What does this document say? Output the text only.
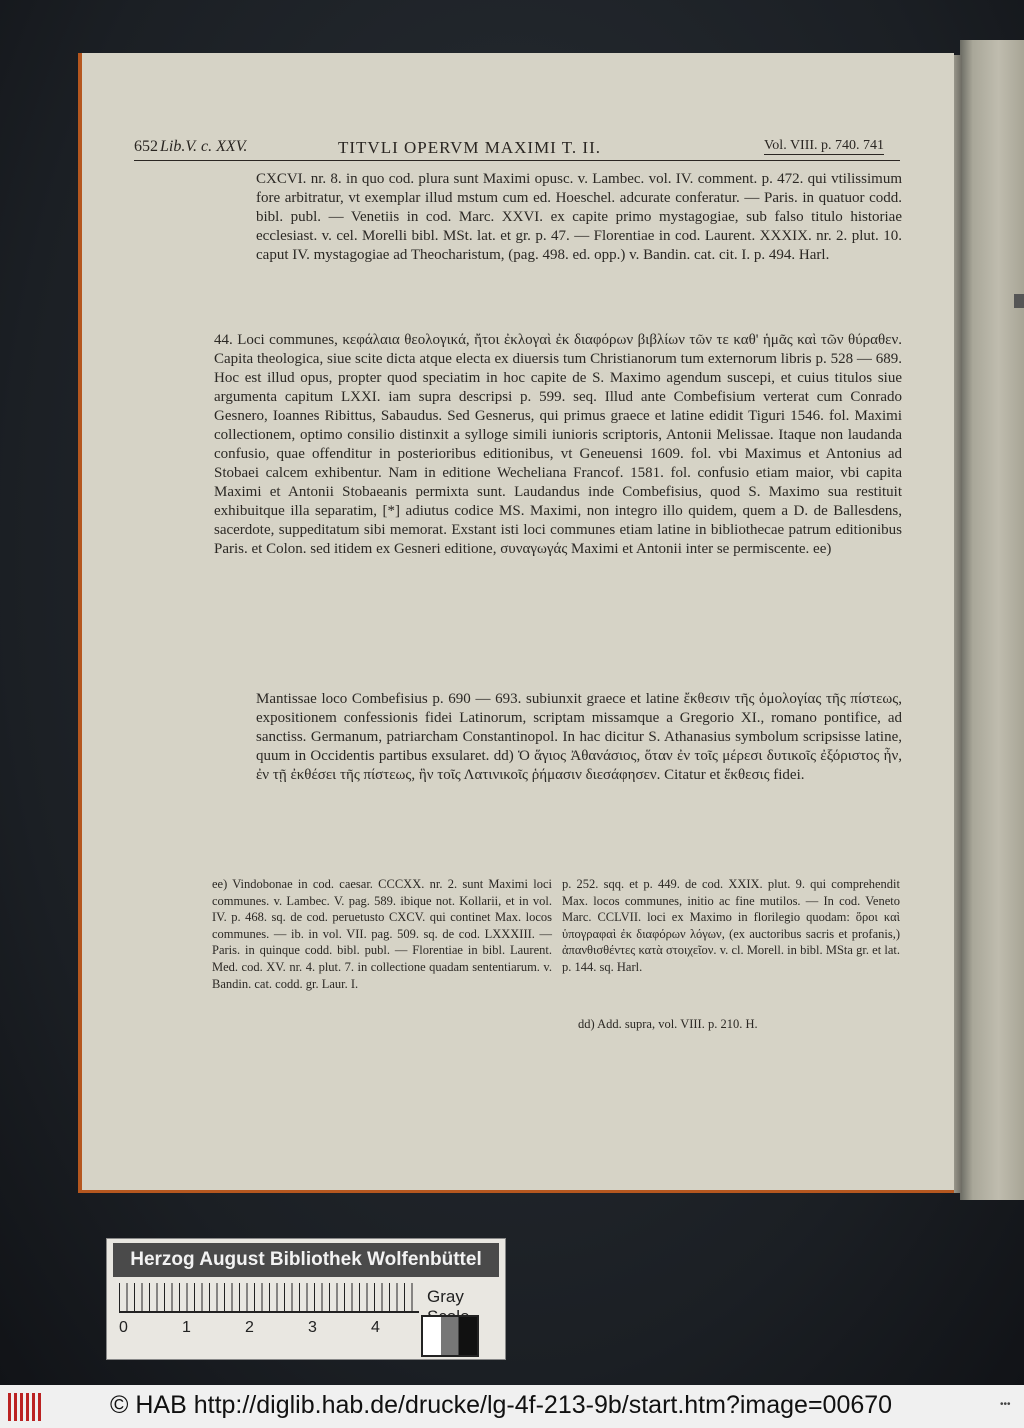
652 Lib.V. c. XXV.	TITVLI OPERVM MAXIMI T. II.	Vol. VIII. p. 740. 741

CXCVI. nr. 8. in quo cod. plura sunt Maximi opusc. v. Lambec. vol. IV. comment. p. 472. qui vtilissimum fore arbitratur, vt exemplar illud mstum cum ed. Hoeschel. adcurate conferatur. — Paris. in quatuor codd. bibl. publ. — Venetiis in cod. Marc. XXVI. ex capite primo mystagogiae, sub falso titulo historiae ecclesiast. v. cel. Morelli bibl. MSt. lat. et gr. p. 47. — Florentiae in cod. Laurent. XXXIX. nr. 2. plut. 10. caput IV. mystagogiae ad Theocharistum, (pag. 498. ed. opp.) v. Bandin. cat. cit. I. p. 494. Harl.

44. Loci communes, κεφάλαια θεολογικά, ἤτοι ἐκλογαὶ ἐκ διαφόρων βιβλίων τῶν τε καθ' ἡμᾶς καὶ τῶν θύραθεν. Capita theologica, siue scite dicta atque electa ex diuersis tum Christianorum tum externorum libris p. 528 — 689. Hoc est illud opus, propter quod speciatim in hoc capite de S. Maximo agendum suscepi, et cuius titulos siue argumenta capitum LXXI. iam supra descripsi p. 599. seq. Illud ante Combefisium verterat cum Conrado Gesnero, Ioannes Ribittus, Sabaudus. Sed Gesnerus, qui primus graece et latine edidit Tiguri 1546. fol. Maximi collectionem, optimo consilio distinxit a sylloge simili iunioris scriptoris, Antonii Melissae. Itaque non laudanda confusio, quae offenditur in posterioribus editionibus, vt Geneuensi 1609. fol. vbi Maximus et Antonius ad Stobaei calcem exhibentur. Nam in editione Wecheliana Francof. 1581. fol. confusio etiam maior, vbi capita Maximi et Antonii Stobaeanis permixta sunt. Laudandus inde Combefisius, quod S. Maximo sua restituit exhibuitque illa separatim, [*] adiutus codice MS. Maximi, non integro illo quidem, quem a D. de Ballesdens, sacerdote, suppeditatum sibi memorat. Exstant isti loci communes etiam latine in bibliothecae patrum editionibus Paris. et Colon. sed itidem ex Gesneri editione, συναγωγάς Maximi et Antonii inter se permiscente. ee)

Mantissae loco Combefisius p. 690 — 693. subiunxit graece et latine ἔκθεσιν τῆς ὁμολογίας τῆς πίστεως, expositionem confessionis fidei Latinorum, scriptam missamque a Gregorio XI., romano pontifice, ad sanctiss. Germanum, patriarcham Constantinopol. In hac dicitur S. Athanasius symbolum scripsisse latine, quum in Occidentis partibus exsularet. dd) Ὁ ἅγιος Ἀθανάσιος, ὅταν ἐν τοῖς μέρεσι δυτικοῖς ἐξόριστος ἦν, ἐν τῇ ἐκθέσει τῆς πίστεως, ἣν τοῖς Λατινικοῖς ῥήμασιν διεσάφησεν. Citatur et ἔκθεσις fidei.

ee) Vindobonae in cod. caesar. CCCXX. nr. 2. sunt Maximi loci communes. v. Lambec. V. pag. 589. ibique not. Kollarii, et in vol. IV. p. 468. sq. de cod. peruetusto CXCV. qui continet Max. locos communes. — ib. in vol. VII. pag. 509. sq. de cod. LXXXIII. — Paris. in quinque codd. bibl. publ. — Florentiae in bibl. Laurent. Med. cod. XV. nr. 4. plut. 7. in collectione quadam sententiarum. v. Bandin. cat. codd. gr. Laur. I.
p. 252. sqq. et p. 449. de cod. XXIX. plut. 9. qui comprehendit Max. locos communes, initio ac fine mutilos. — In cod. Veneto Marc. CCLVII. loci ex Maximo in florilegio quodam: ὅροι καὶ ὑπογραφαὶ ἐκ διαφόρων λόγων, (ex auctoribus sacris et profanis,) ἀπανθισθέντες κατὰ στοιχεῖον. v. cl. Morell. in bibl. MSta gr. et lat. p. 144. sq. Harl.
dd) Add. supra, vol. VIII. p. 210. H.
Herzog August Bibliothek Wolfenbüttel
Gray
0	1	2	3	4
© HAB http://diglib.hab.de/drucke/lg-4f-213-9b/start.htm?image=00670	•••
